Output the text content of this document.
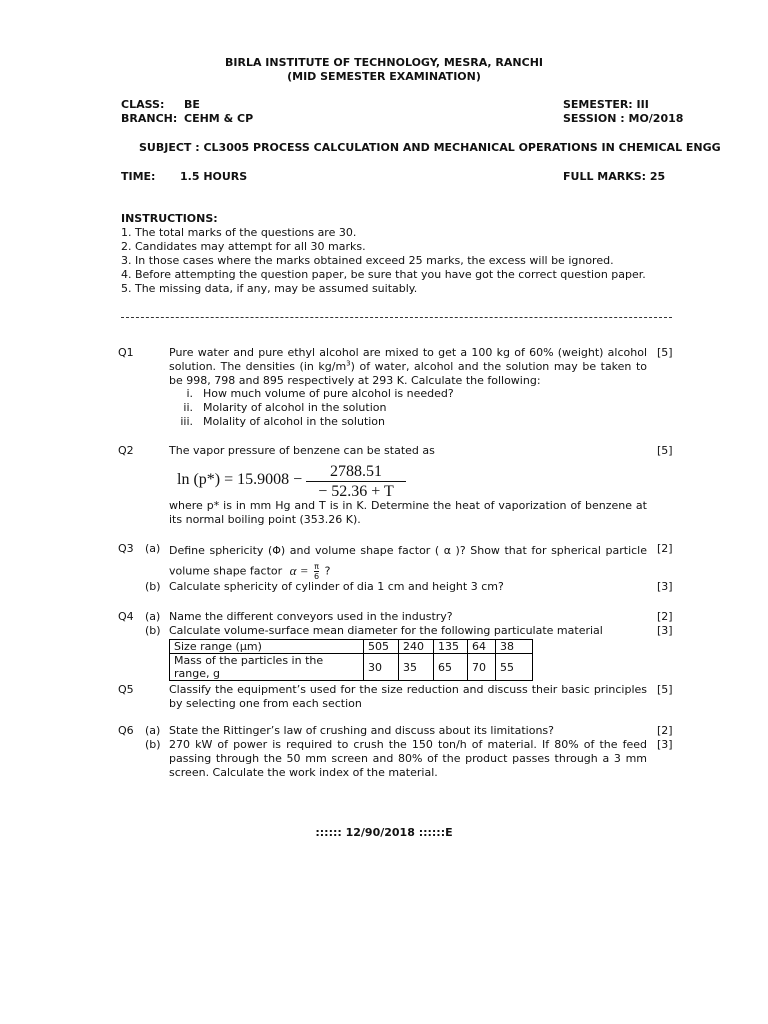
BIRLA INSTITUTE OF TECHNOLOGY, MESRA, RANCHI
(MID SEMESTER EXAMINATION)
CLASS: BE
BRANCH: CEHM & CP
SEMESTER: III
SESSION : MO/2018
SUBJECT : CL3005 PROCESS CALCULATION AND MECHANICAL OPERATIONS IN CHEMICAL ENGG
TIME: 1.5 HOURS	FULL MARKS: 25
INSTRUCTIONS:
1. The total marks of the questions are 30.
2. Candidates may attempt for all 30 marks.
3. In those cases where the marks obtained exceed 25 marks, the excess will be ignored.
4. Before attempting the question paper, be sure that you have got the correct question paper.
5. The missing data, if any, may be assumed suitably.
Q1	Pure water and pure ethyl alcohol are mixed to get a 100 kg of 60% (weight) alcohol solution. The densities (in $kg/m^3$) of water, alcohol and the solution may be taken to be 998, 798 and 895 respectively at 293 K. Calculate the following:
[5]
i. How much volume of pure alcohol is needed?
ii. Molarity of alcohol in the solution
iii. Molality of alcohol in the solution
Q2	The vapor pressure of benzene can be stated as	[5]
ln (p*) = 15.9008 −	2788.51
− 52.36 + T
where p* is in mm Hg and T is in K. Determine the heat of vaporization of benzene at its normal boiling point (353.26 K).
Q3 (a) Define sphericity (Φ) and volume shape factor ( α )? Show that for spherical particle [2]
volume shape factor $\alpha = \frac{\pi}{6}$ ?
(b) Calculate sphericity of cylinder of dia 1 cm and height 3 cm?	[3]
Q4 (a) Name the different conveyors used in the industry?	[2]
(b) Calculate volume-surface mean diameter for the following particulate material	[3]
Size range (μm)	505	240	135	64	38
Mass of the particles in the range, g	30	35	65	70	55
Q5	Classify the equipment’s used for the size reduction and discuss their basic principles by selecting one from each section
[5]
Q6 (a) State the Rittinger’s law of crushing and discuss about its limitations?	[2]
(b) 270 kW of power is required to crush the 150 ton/h of material. If 80% of the feed passing through the 50 mm screen and 80% of the product passes through a 3 mm screen. Calculate the work index of the material.
[3]
:::::: 12/90/2018 ::::::E
